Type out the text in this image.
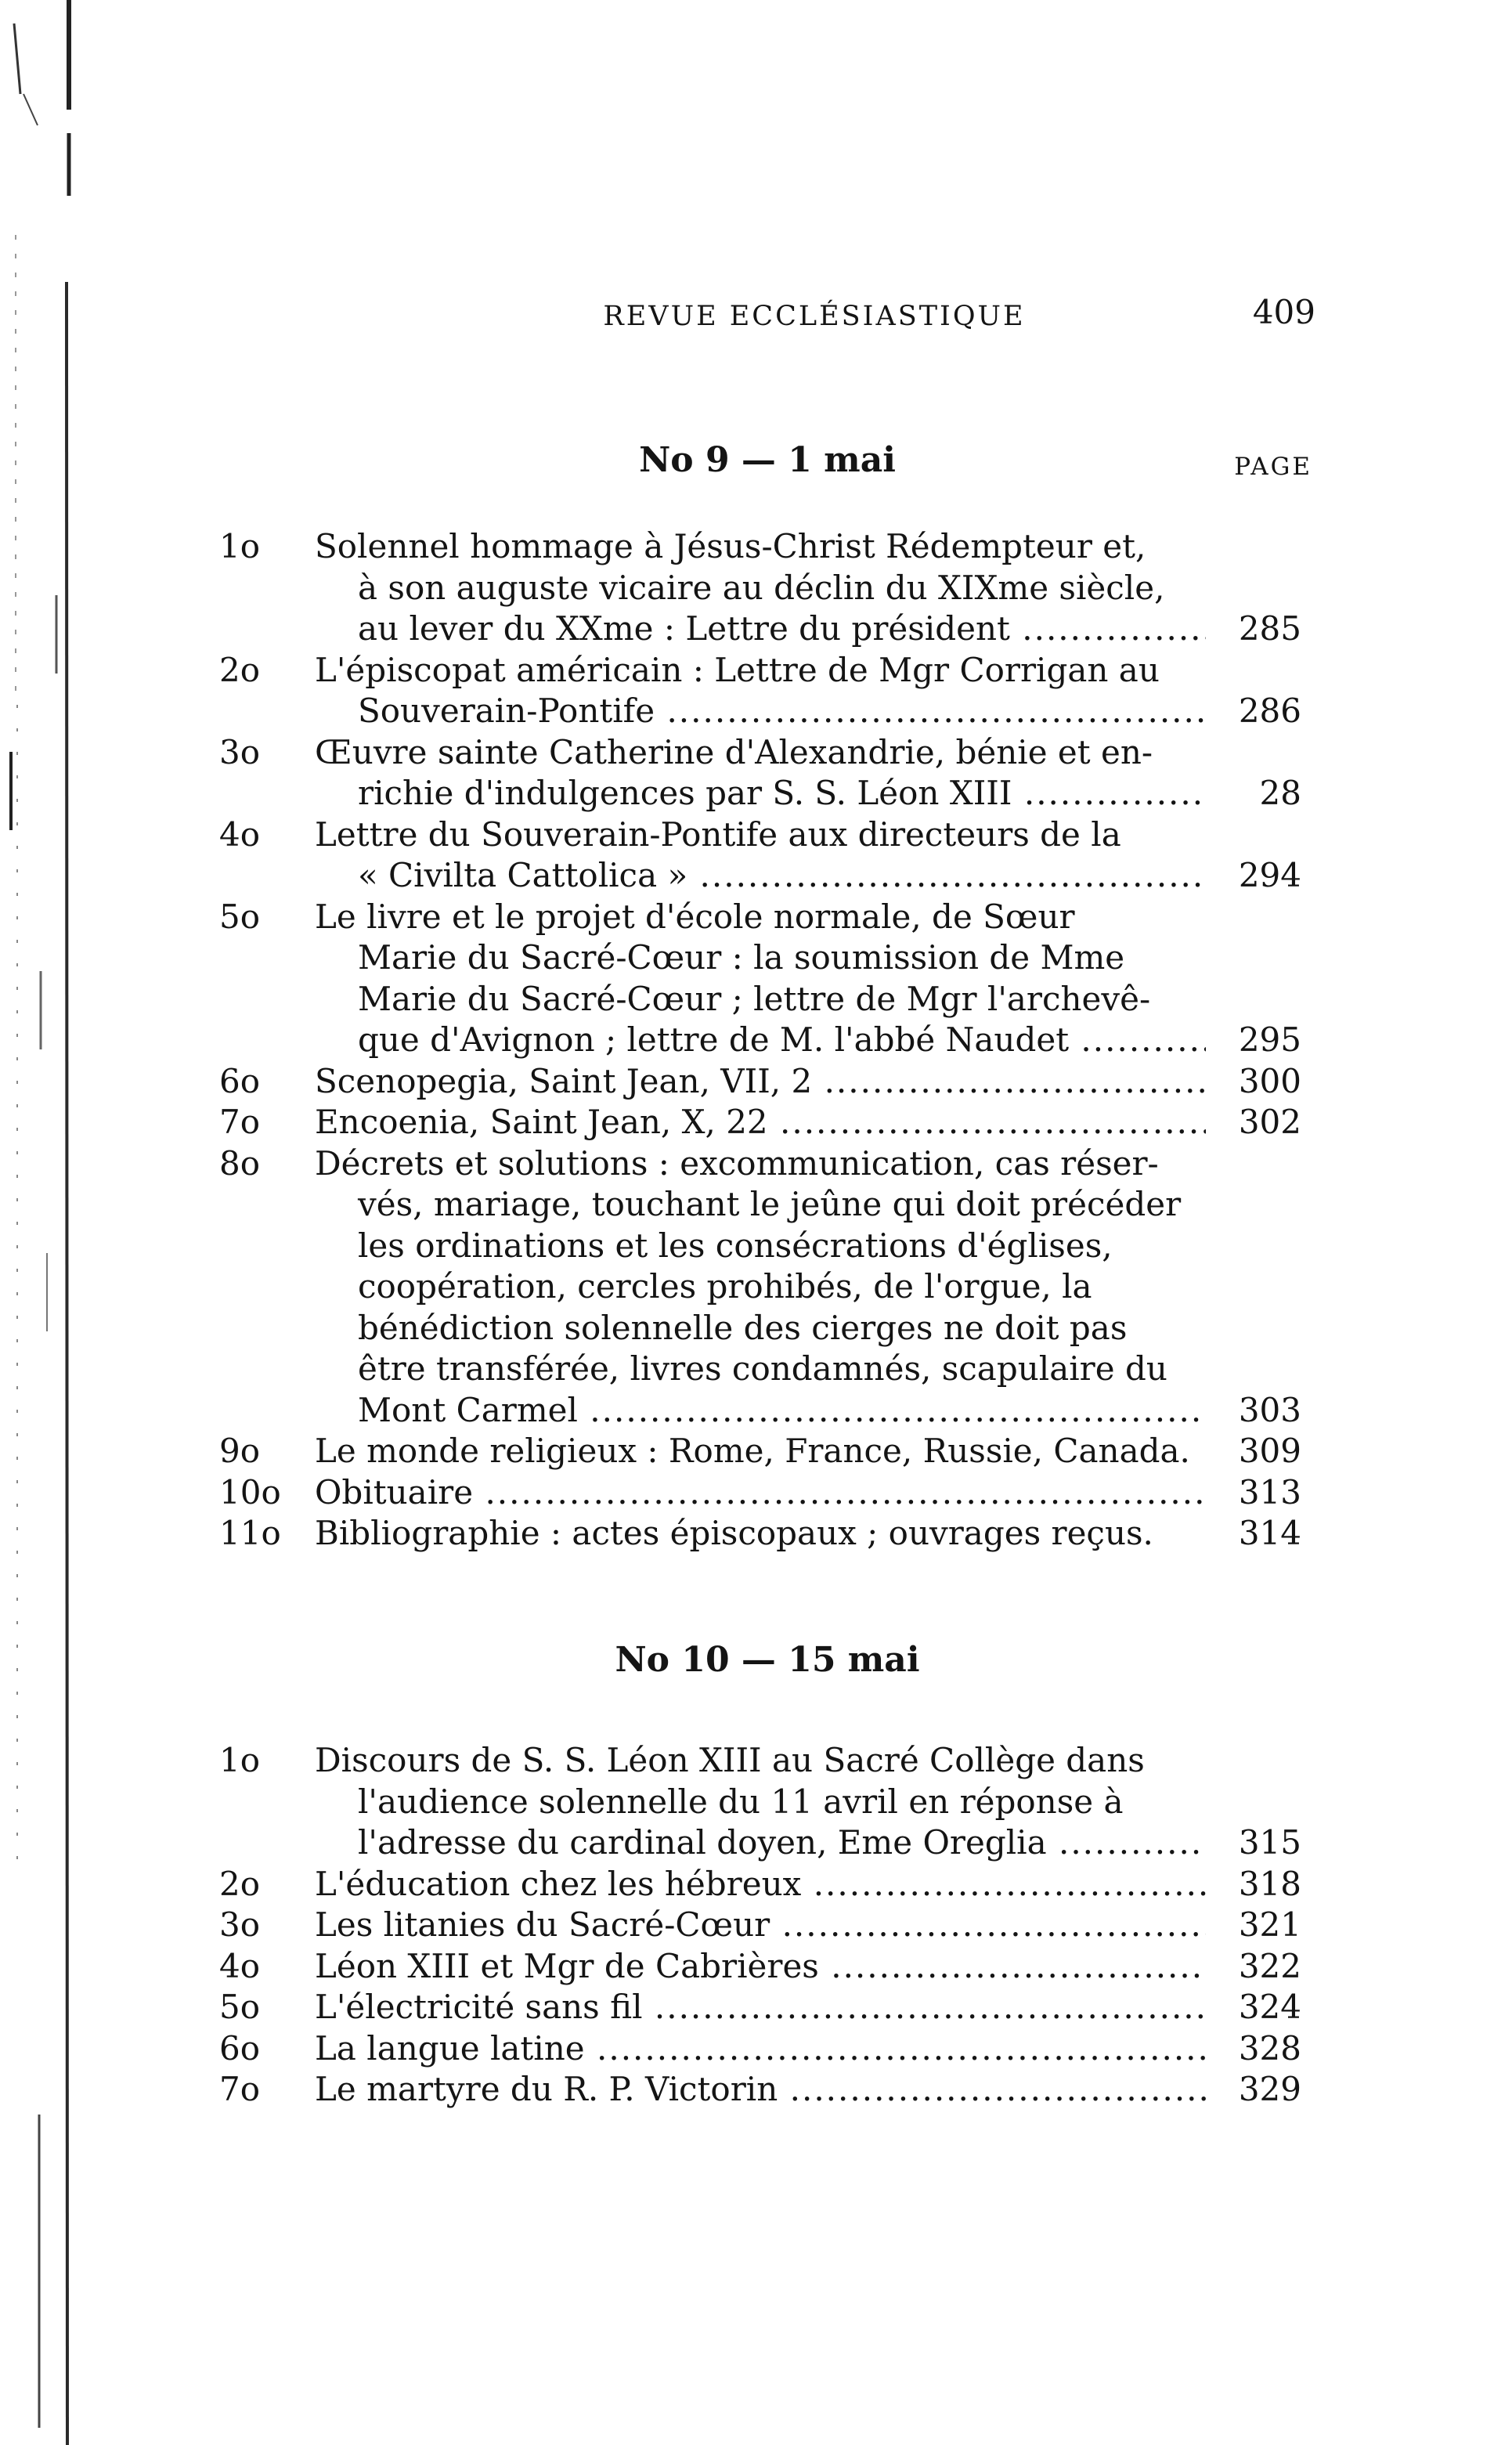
REVUE ECCLÉSIASTIQUE	409
No 9 — 1 mai	PAGE
1o	Solennel hommage à Jésus-Christ Rédempteur et,
à son auguste vicaire au déclin du XIXme siècle,
au lever du XXme : Lettre du président .....	285
2o	L'épiscopat américain : Lettre de Mgr Corrigan au
Souverain-Pontife .....	286
3o	Œuvre sainte Catherine d'Alexandrie, bénie et en-
richie d'indulgences par S. S. Léon XIII .....	28
4o	Lettre du Souverain-Pontife aux directeurs de la
« Civilta Cattolica » .....	294
5o	Le livre et le projet d'école normale, de Sœur
Marie du Sacré-Cœur : la soumission de Mme
Marie du Sacré-Cœur ; lettre de Mgr l'archevê-
que d'Avignon ; lettre de M. l'abbé Naudet .....	295
6o	Scenopegia, Saint Jean, VII, 2 .....	300
7o	Encoenia, Saint Jean, X, 22 .....	302
8o	Décrets et solutions : excommunication, cas réser-
vés, mariage, touchant le jeûne qui doit précéder
les ordinations et les consécrations d'églises,
coopération, cercles prohibés, de l'orgue, la
bénédiction solennelle des cierges ne doit pas
être transférée, livres condamnés, scapulaire du
Mont Carmel .....	303
9o	Le monde religieux : Rome, France, Russie, Canada.	309
10o	Obituaire .....	313
11o	Bibliographie : actes épiscopaux ; ouvrages reçus.	314
No 10 — 15 mai
1o	Discours de S. S. Léon XIII au Sacré Collège dans
l'audience solennelle du 11 avril en réponse à
l'adresse du cardinal doyen, Eme Oreglia .....	315
2o	L'éducation chez les hébreux .....	318
3o	Les litanies du Sacré-Cœur .....	321
4o	Léon XIII et Mgr de Cabrières .....	322
5o	L'électricité sans fil .....	324
6o	La langue latine .....	328
7o	Le martyre du R. P. Victorin .....	329
